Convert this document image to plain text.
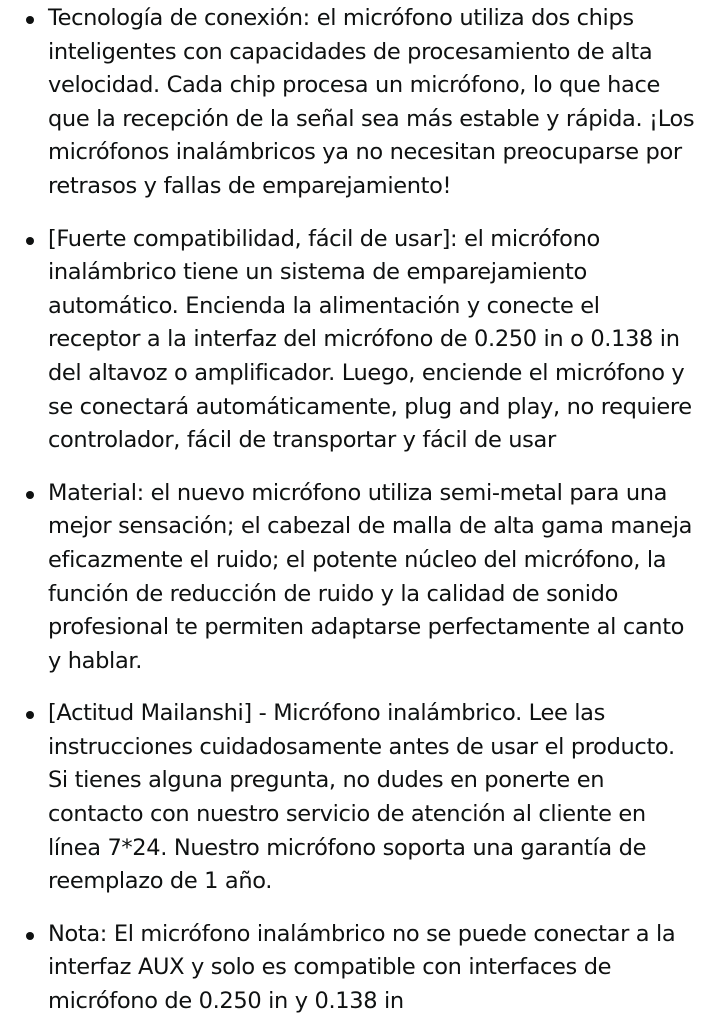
Tecnología de conexión: el micrófono utiliza dos chips inteligentes con capacidades de procesamiento de alta velocidad. Cada chip procesa un micrófono, lo que hace que la recepción de la señal sea más estable y rápida. ¡Los micrófonos inalámbricos ya no necesitan preocuparse por retrasos y fallas de emparejamiento!
[Fuerte compatibilidad, fácil de usar]: el micrófono inalámbrico tiene un sistema de emparejamiento automático. Encienda la alimentación y conecte el receptor a la interfaz del micrófono de 0.250 in o 0.138 in del altavoz o amplificador. Luego, enciende el micrófono y se conectará automáticamente, plug and play, no requiere controlador, fácil de transportar y fácil de usar
Material: el nuevo micrófono utiliza semi-metal para una mejor sensación; el cabezal de malla de alta gama maneja eficazmente el ruido; el potente núcleo del micrófono, la función de reducción de ruido y la calidad de sonido profesional te permiten adaptarse perfectamente al canto y hablar.
[Actitud Mailanshi] - Micrófono inalámbrico. Lee las instrucciones cuidadosamente antes de usar el producto. Si tienes alguna pregunta, no dudes en ponerte en contacto con nuestro servicio de atención al cliente en línea 7*24. Nuestro micrófono soporta una garantía de reemplazo de 1 año.
Nota: El micrófono inalámbrico no se puede conectar a la interfaz AUX y solo es compatible con interfaces de micrófono de 0.250 in y 0.138 in
